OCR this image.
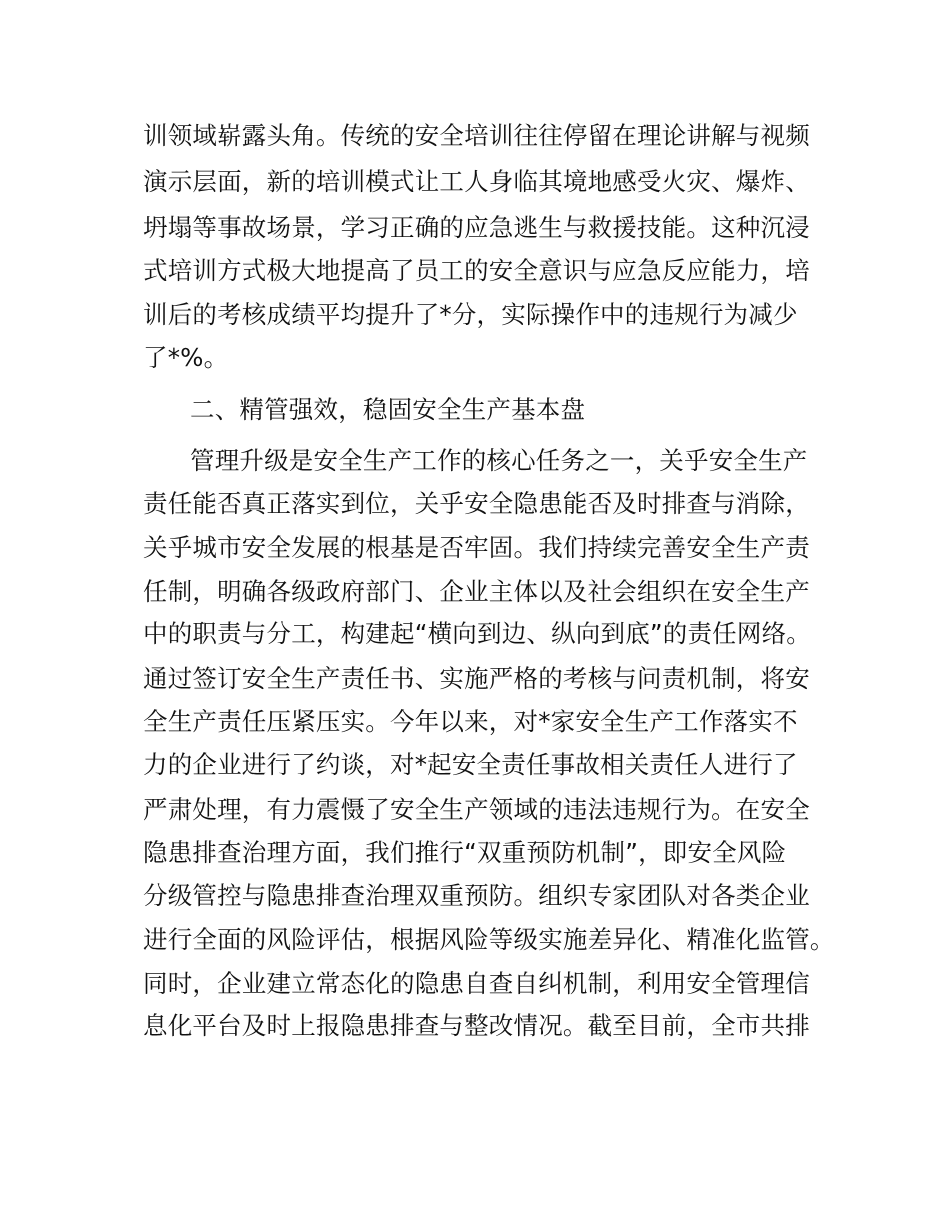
训领域崭露头角。传统的安全培训往往停留在理论讲解与视频
演示层面，新的培训模式让工人身临其境地感受火灾、爆炸、
坍塌等事故场景，学习正确的应急逃生与救援技能。这种沉浸
式培训方式极大地提高了员工的安全意识与应急反应能力，培
训后的考核成绩平均提升了*分，实际操作中的违规行为减少
了*%。
二、精管强效，稳固安全生产基本盘
管理升级是安全生产工作的核心任务之一，关乎安全生产
责任能否真正落实到位，关乎安全隐患能否及时排查与消除，
关乎城市安全发展的根基是否牢固。我们持续完善安全生产责
任制，明确各级政府部门、企业主体以及社会组织在安全生产
中的职责与分工，构建起“横向到边、纵向到底”的责任网络。
通过签订安全生产责任书、实施严格的考核与问责机制，将安
全生产责任压紧压实。今年以来，对*家安全生产工作落实不
力的企业进行了约谈，对*起安全责任事故相关责任人进行了
严肃处理，有力震慑了安全生产领域的违法违规行为。在安全
隐患排查治理方面，我们推行“双重预防机制”，即安全风险
分级管控与隐患排查治理双重预防。组织专家团队对各类企业
进行全面的风险评估，根据风险等级实施差异化、精准化监管。
同时，企业建立常态化的隐患自查自纠机制，利用安全管理信
息化平台及时上报隐患排查与整改情况。截至目前，全市共排
